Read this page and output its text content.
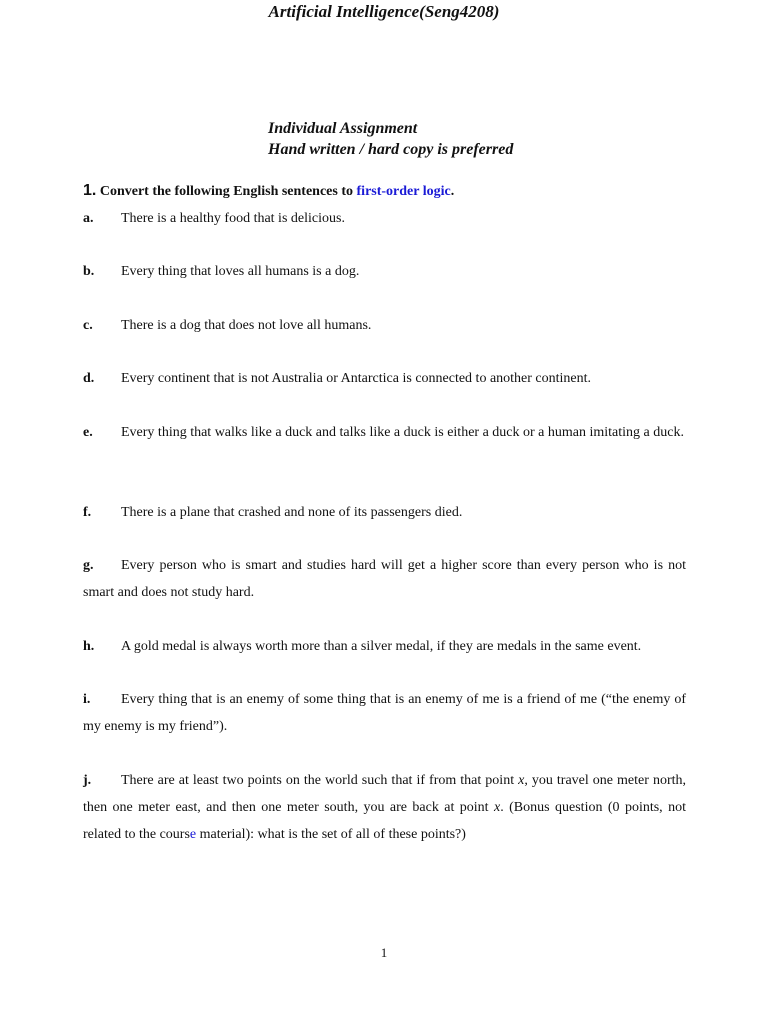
Artificial Intelligence(Seng4208)
Individual Assignment
Hand written / hard copy is preferred
1. Convert the following English sentences to first-order logic.

a. There is a healthy food that is delicious.

b. Every thing that loves all humans is a dog.

c. There is a dog that does not love all humans.

d. Every continent that is not Australia or Antarctica is connected to another continent.

e. Every thing that walks like a duck and talks like a duck is either a duck or a human imitating a duck.

f. There is a plane that crashed and none of its passengers died.

g. Every person who is smart and studies hard will get a higher score than every person who is not smart and does not study hard.

h. A gold medal is always worth more than a silver medal, if they are medals in the same event.

i. Every thing that is an enemy of some thing that is an enemy of me is a friend of me (“the enemy of my enemy is my friend”).

j. There are at least two points on the world such that if from that point x, you travel one meter north, then one meter east, and then one meter south, you are back at point x. (Bonus question (0 points, not related to the course material): what is the set of all of these points?)

1
